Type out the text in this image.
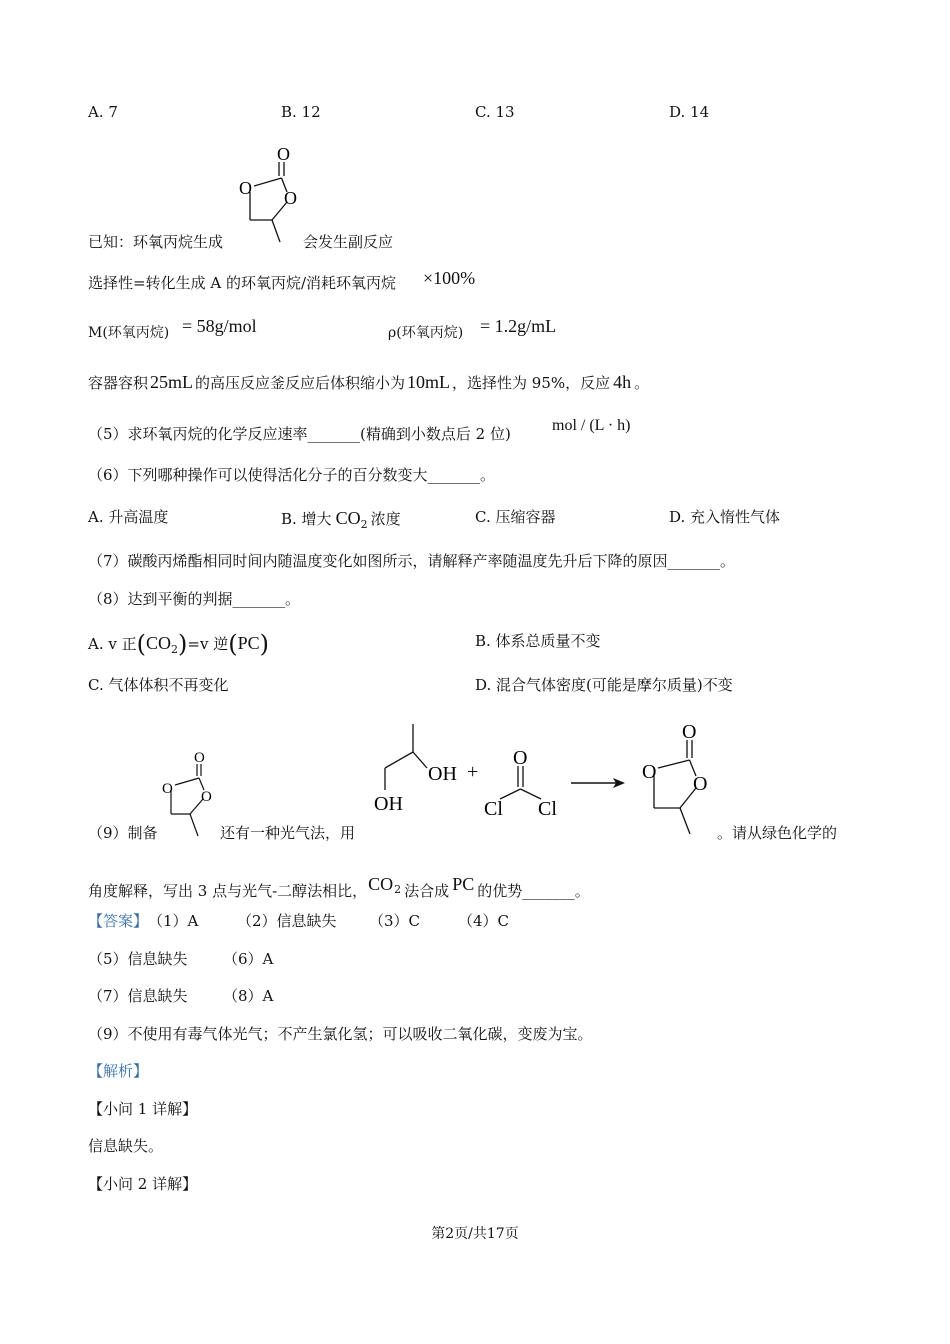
A. 7	B. 12	C. 13	D. 14
已知：环氧丙烷生成
O
O O
会发生副反应
选择性=转化生成 A 的环氧丙烷/消耗环氧丙烷 ×100%
M(环氧丙烷) = 58g/mol	ρ(环氧丙烷) = 1.2g/mL
容器容积 25mL 的高压反应釜反应后体积缩小为 10mL ，选择性为 95%，反应 4h 。
（5）求环氧丙烷的化学反应速率_______(精确到小数点后 2 位)	mol / (L · h)
（6）下列哪种操作可以使得活化分子的百分数变大_______。
A. 升高温度	B. 增大 $CO_2$ 浓度	C. 压缩容器	D. 充入惰性气体
（7）碳酸丙烯酯相同时间内随温度变化如图所示，请解释产率随温度先升后下降的原因_______。
（8）达到平衡的判据_______。
A. v 正$(CO_2)=v$ 逆(PC)	B. 体系总质量不变
C. 气体体积不再变化	D. 混合气体密度(可能是摩尔质量)不变
（9）制备
O
O O
还有一种光气法，用
OH
OH
+
O
Cl Cl
O
O
O
。请从绿色化学的
角度解释，写出 3 点与光气-二醇法相比，CO2 法合成 PC 的优势_______。
【答案】 （1）A	（2）信息缺失 （3）C	（4）C
（5）信息缺失 （6）A
（7）信息缺失 （8）A
（9）不使用有毒气体光气；不产生氯化氢；可以吸收二氧化碳，变废为宝。
【解析】
【小问 1 详解】
信息缺失。
【小问 2 详解】
第2页/共17页
